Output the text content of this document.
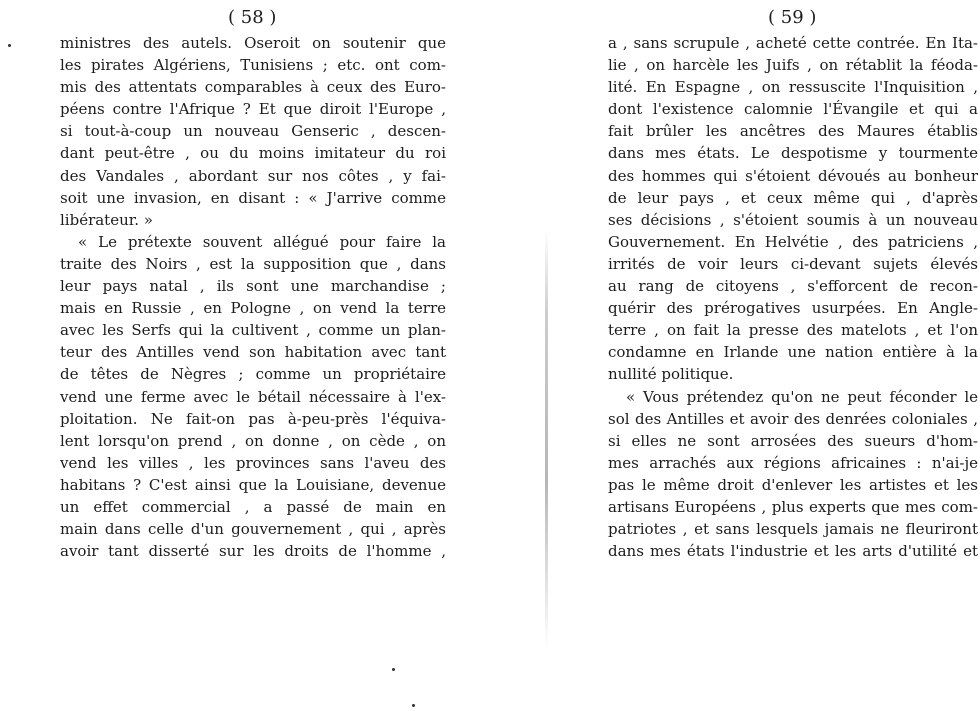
( 58 )
ministres des autels. Oseroit on soutenir que
les pirates Algériens, Tunisiens ; etc. ont com-
mis des attentats comparables à ceux des Euro-
péens contre l'Afrique ? Et que diroit l'Europe ,
si tout-à-coup un nouveau Genseric , descen-
dant peut-être , ou du moins imitateur du roi
des Vandales , abordant sur nos côtes , y fai-
soit une invasion, en disant : « J'arrive comme
libérateur. »
« Le prétexte souvent allégué pour faire la
traite des Noirs , est la supposition que , dans
leur pays natal , ils sont une marchandise ;
mais en Russie , en Pologne , on vend la terre
avec les Serfs qui la cultivent , comme un plan-
teur des Antilles vend son habitation avec tant
de têtes de Nègres ; comme un propriétaire
vend une ferme avec le bétail nécessaire à l'ex-
ploitation. Ne fait-on pas à-peu-près l'équiva-
lent lorsqu'on prend , on donne , on cède , on
vend les villes , les provinces sans l'aveu des
habitans ? C'est ainsi que la Louisiane, devenue
un effet commercial , a passé de main en
main dans celle d'un gouvernement , qui , après
avoir tant disserté sur les droits de l'homme ,
( 59 )
a , sans scrupule , acheté cette contrée. En Ita-
lie , on harcèle les Juifs , on rétablit la féoda-
lité. En Espagne , on ressuscite l'Inquisition ,
dont l'existence calomnie l'Évangile et qui a
fait brûler les ancêtres des Maures établis
dans mes états. Le despotisme y tourmente
des hommes qui s'étoient dévoués au bonheur
de leur pays , et ceux même qui , d'après
ses décisions , s'étoient soumis à un nouveau
Gouvernement. En Helvétie , des patriciens ,
irrités de voir leurs ci-devant sujets élevés
au rang de citoyens , s'efforcent de recon-
quérir des prérogatives usurpées. En Angle-
terre , on fait la presse des matelots , et l'on
condamne en Irlande une nation entière à la
nullité politique.
« Vous prétendez qu'on ne peut féconder le
sol des Antilles et avoir des denrées coloniales ,
si elles ne sont arrosées des sueurs d'hom-
mes arrachés aux régions africaines : n'ai-je
pas le même droit d'enlever les artistes et les
artisans Européens , plus experts que mes com-
patriotes , et sans lesquels jamais ne fleuriront
dans mes états l'industrie et les arts d'utilité et
